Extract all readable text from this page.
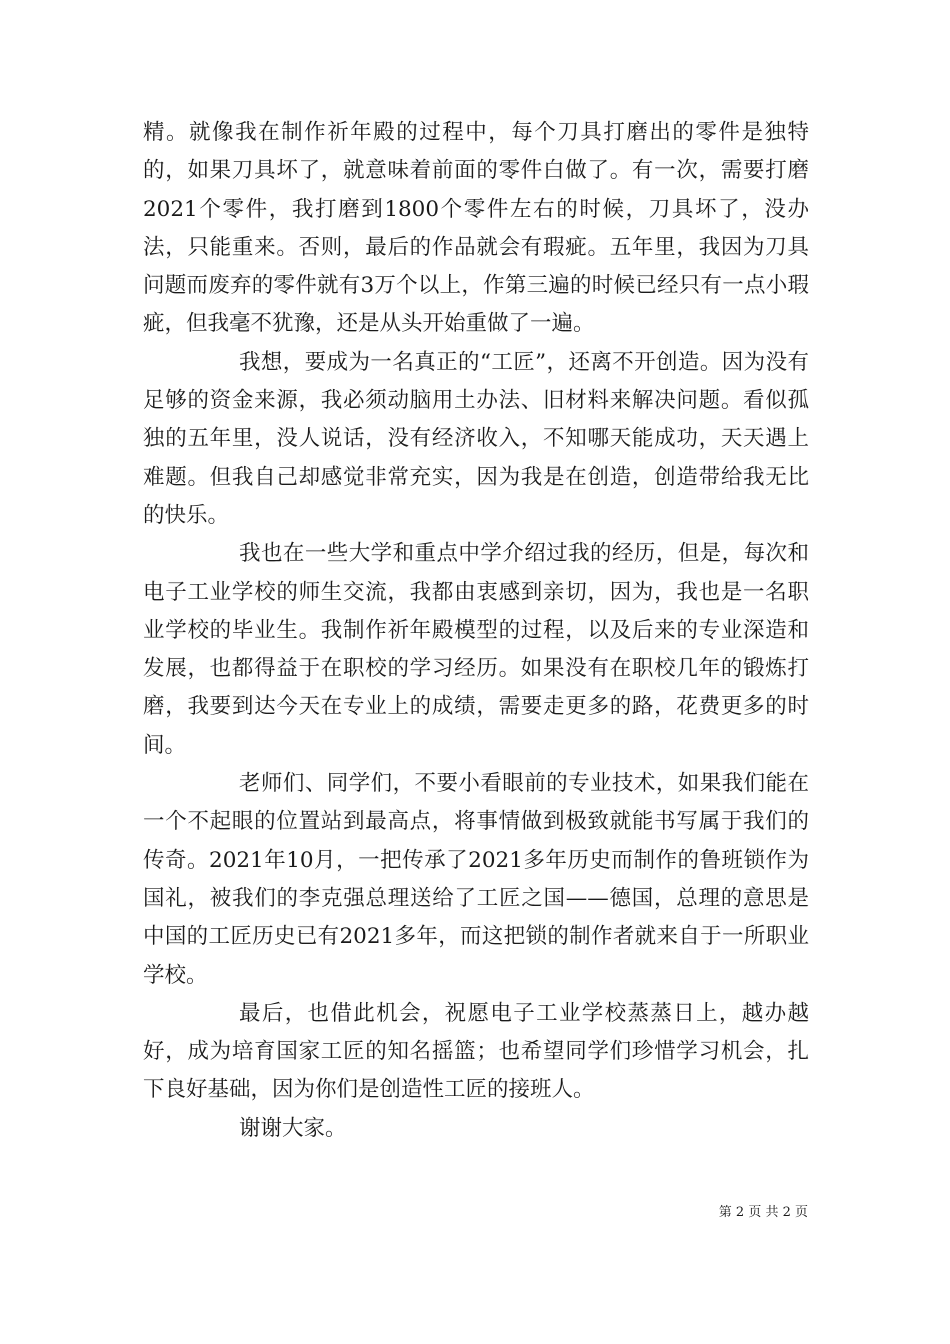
精。就像我在制作祈年殿的过程中，每个刀具打磨出的零件是独特的，如果刀具坏了，就意味着前面的零件白做了。有一次，需要打磨2021个零件，我打磨到1800个零件左右的时候，刀具坏了，没办法，只能重来。否则，最后的作品就会有瑕疵。五年里，我因为刀具问题而废弃的零件就有3万个以上，作第三遍的时候已经只有一点小瑕疵，但我毫不犹豫，还是从头开始重做了一遍。

我想，要成为一名真正的“工匠”，还离不开创造。因为没有足够的资金来源，我必须动脑用土办法、旧材料来解决问题。看似孤独的五年里，没人说话，没有经济收入，不知哪天能成功，天天遇上难题。但我自己却感觉非常充实，因为我是在创造，创造带给我无比的快乐。

我也在一些大学和重点中学介绍过我的经历，但是，每次和电子工业学校的师生交流，我都由衷感到亲切，因为，我也是一名职业学校的毕业生。我制作祈年殿模型的过程，以及后来的专业深造和发展，也都得益于在职校的学习经历。如果没有在职校几年的锻炼打磨，我要到达今天在专业上的成绩，需要走更多的路，花费更多的时间。

老师们、同学们，不要小看眼前的专业技术，如果我们能在一个不起眼的位置站到最高点，将事情做到极致就能书写属于我们的传奇。2021年10月，一把传承了2021多年历史而制作的鲁班锁作为国礼，被我们的李克强总理送给了工匠之国——德国，总理的意思是中国的工匠历史已有2021多年，而这把锁的制作者就来自于一所职业学校。

最后，也借此机会，祝愿电子工业学校蒸蒸日上，越办越好，成为培育国家工匠的知名摇篮；也希望同学们珍惜学习机会，扎下良好基础，因为你们是创造性工匠的接班人。

谢谢大家。

第 2 页 共 2 页
